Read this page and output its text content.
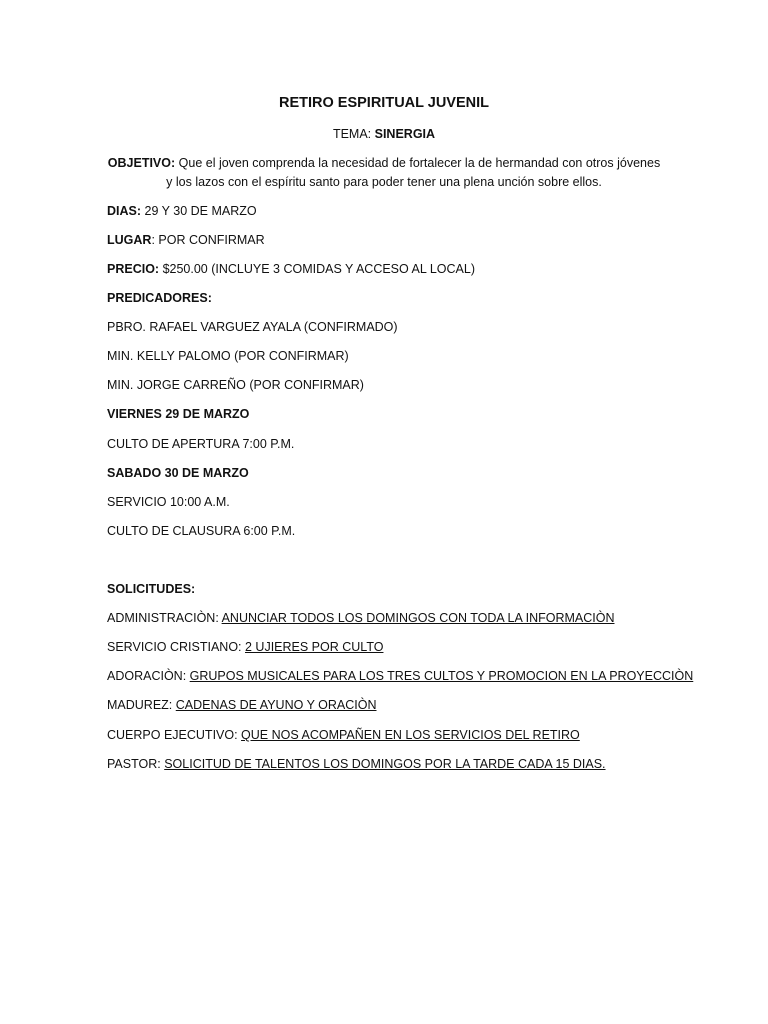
RETIRO ESPIRITUAL JUVENIL
TEMA: SINERGIA
OBJETIVO: Que el joven comprenda la necesidad de fortalecer la de hermandad con otros jóvenes
y los lazos con el espíritu santo para poder tener una plena unción sobre ellos.
DIAS: 29 Y 30 DE MARZO
LUGAR: POR CONFIRMAR
PRECIO: $250.00 (INCLUYE 3 COMIDAS Y ACCESO AL LOCAL)
PREDICADORES:
PBRO. RAFAEL VARGUEZ AYALA (CONFIRMADO)
MIN. KELLY PALOMO (POR CONFIRMAR)
MIN. JORGE CARREÑO (POR CONFIRMAR)
VIERNES 29 DE MARZO
CULTO DE APERTURA 7:00 P.M.
SABADO 30 DE MARZO
SERVICIO 10:00 A.M.
CULTO DE CLAUSURA 6:00 P.M.
SOLICITUDES:
ADMINISTRACIÒN: ANUNCIAR TODOS LOS DOMINGOS CON TODA LA INFORMACIÒN
SERVICIO CRISTIANO: 2 UJIERES POR CULTO
ADORACIÒN: GRUPOS MUSICALES PARA LOS TRES CULTOS Y PROMOCION EN LA PROYECCIÒN
MADUREZ: CADENAS DE AYUNO Y ORACIÒN
CUERPO EJECUTIVO: QUE NOS ACOMPAÑEN EN LOS SERVICIOS DEL RETIRO
PASTOR: SOLICITUD DE TALENTOS LOS DOMINGOS POR LA TARDE CADA 15 DIAS.
